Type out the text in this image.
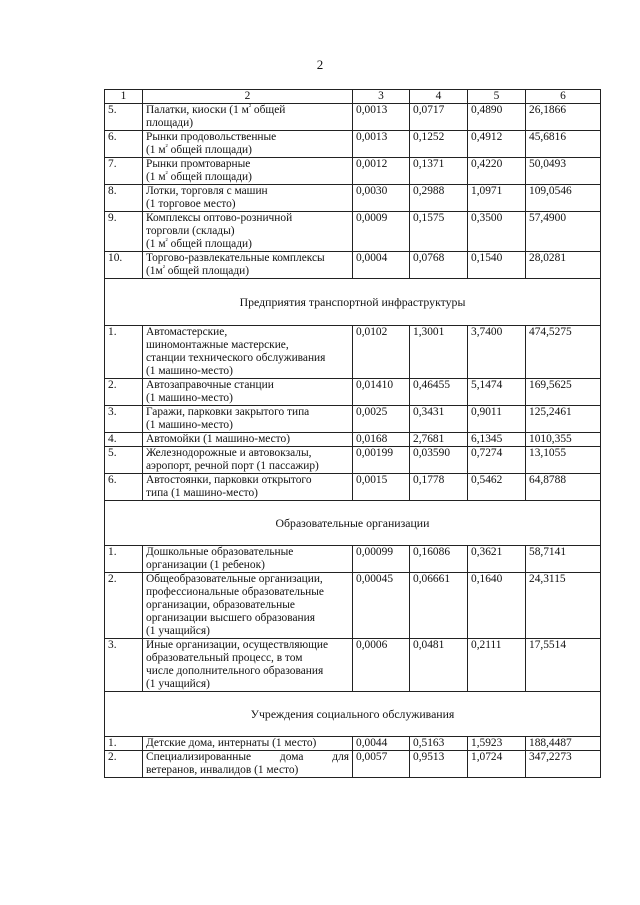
2
1	2	3	4	5	6
5.	Палатки, киоски (1 $м^{^2}$ общей
площади)	0,0013	0,0717	0,4890	26,1866
6.	Рынки продовольственные
(1 $м^{^2}$ общей площади)	0,0013	0,1252	0,4912	45,6816
7.	Рынки промтоварные
(1 $м^{^2}$ общей площади)	0,0012	0,1371	0,4220	50,0493
8.	Лотки, торговля с машин
(1 торговое место)	0,0030	0,2988	1,0971	109,0546
9.	Комплексы оптово-розничной
торговли (склады)
(1 $м^{^2}$ общей площади)	0,0009	0,1575	0,3500	57,4900
10.	Торгово-развлекательные комплексы
($1м^{^2}$ общей площади)	0,0004	0,0768	0,1540	28,0281
Предприятия транспортной инфраструктуры					
1.	Автомастерские,
шиномонтажные мастерские,
станции технического обслуживания
(1 машино-место)	0,0102	1,3001	3,7400	474,5275
2.	Автозаправочные станции
(1 машино-место)	0,01410	0,46455	5,1474	169,5625
3.	Гаражи, парковки закрытого типа
(1 машино-место)	0,0025	0,3431	0,9011	125,2461
4.	Автомойки (1 машино-место)	0,0168	2,7681	6,1345	1010,355
5.	Железнодорожные и автовокзалы,
аэропорт, речной порт (1 пассажир)	0,00199	0,03590	0,7274	13,1055
6.	Автостоянки, парковки открытого
типа (1 машино-место)	0,0015	0,1778	0,5462	64,8788
Образовательные организации					
1.	Дошкольные образовательные
организации (1 ребенок)	0,00099	0,16086	0,3621	58,7141
2.	Общеобразовательные организации,
профессиональные образовательные
организации, образовательные
организации высшего образования
(1 учащийся)	0,00045	0,06661	0,1640	24,3115
3.	Иные организации, осуществляющие
образовательный процесс, в том
числе дополнительного образования
(1 учащийся)	0,0006	0,0481	0,2111	17,5514
Учреждения социального обслуживания					
1.	Детские дома, интернаты (1 место)	0,0044	0,5163	1,5923	188,4487
2.	Специализированные дома для
ветеранов, инвалидов (1 место)	0,0057	0,9513	1,0724	347,2273
